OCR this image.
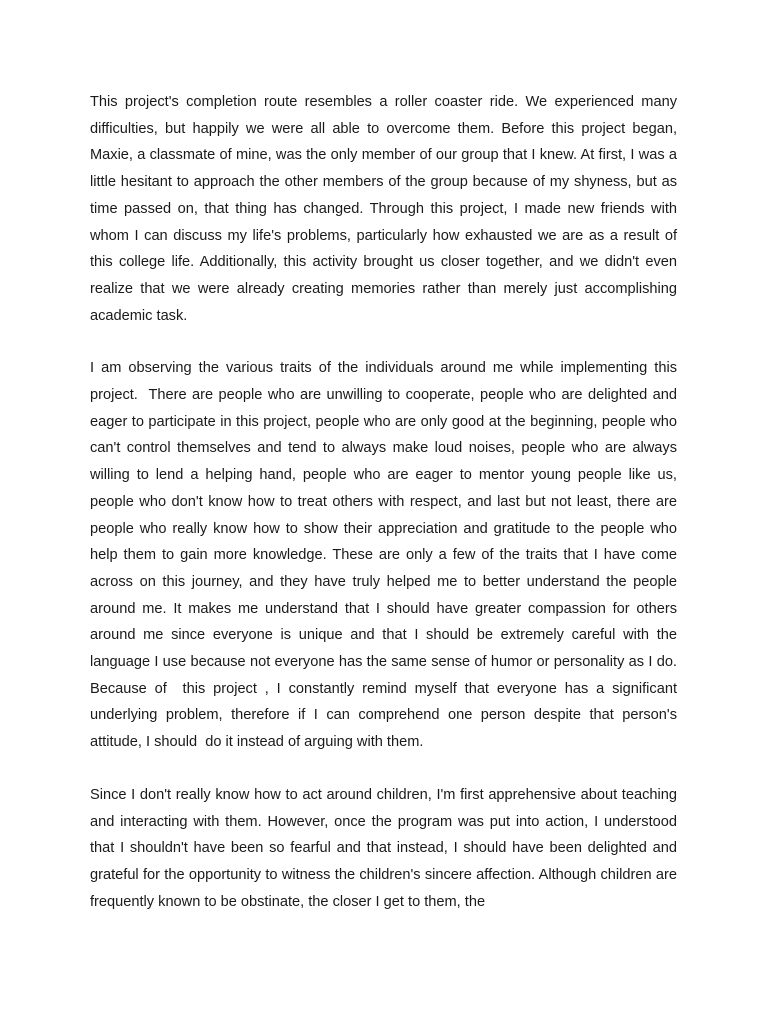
This project's completion route resembles a roller coaster ride. We experienced many difficulties, but happily we were all able to overcome them. Before this project began, Maxie, a classmate of mine, was the only member of our group that I knew. At first, I was a little hesitant to approach the other members of the group because of my shyness, but as time passed on, that thing has changed. Through this project, I made new friends with whom I can discuss my life's problems, particularly how exhausted we are as a result of this college life. Additionally, this activity brought us closer together, and we didn't even realize that we were already creating memories rather than merely just accomplishing academic task.

I am observing the various traits of the individuals around me while implementing this project.  There are people who are unwilling to cooperate, people who are delighted and eager to participate in this project, people who are only good at the beginning, people who can't control themselves and tend to always make loud noises, people who are always willing to lend a helping hand, people who are eager to mentor young people like us, people who don't know how to treat others with respect, and last but not least, there are people who really know how to show their appreciation and gratitude to the people who help them to gain more knowledge. These are only a few of the traits that I have come across on this journey, and they have truly helped me to better understand the people around me. It makes me understand that I should have greater compassion for others around me since everyone is unique and that I should be extremely careful with the language I use because not everyone has the same sense of humor or personality as I do. Because of  this project , I constantly remind myself that everyone has a significant underlying problem, therefore if I can comprehend one person despite that person's attitude, I should  do it instead of arguing with them.

Since I don't really know how to act around children, I'm first apprehensive about teaching and interacting with them. However, once the program was put into action, I understood that I shouldn't have been so fearful and that instead, I should have been delighted and grateful for the opportunity to witness the children's sincere affection. Although children are frequently known to be obstinate, the closer I get to them, the
